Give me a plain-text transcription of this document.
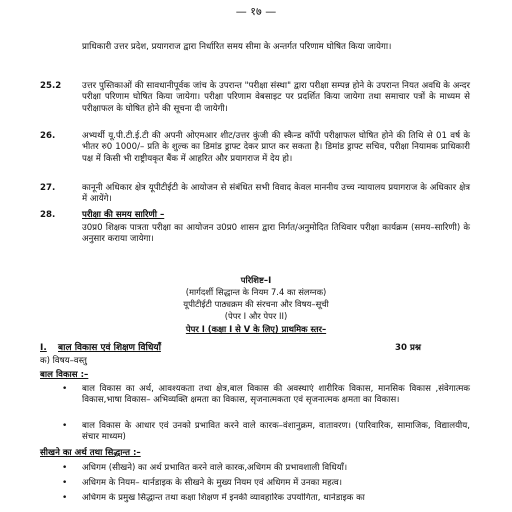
— १७ —
प्राधिकारी उत्तर प्रदेश, प्रयागराज द्वारा निर्धारित समय सीमा के अन्तर्गत परिणाम घोषित किया जायेगा।
25.2 उत्तर पुस्तिकाओं की सावधानीपूर्वक जांच के उपरान्त "परीक्षा संस्था" द्वारा परीक्षा सम्पन्न होने के उपरान्त नियत अवधि के अन्दर परीक्षा परिणाम घोषित किया जायेगा। परीक्षा परिणाम वेबसाइट पर प्रदर्शित किया जायेगा तथा समाचार पत्रों के माध्यम से परीक्षाफल के घोषित होने की सूचना दी जायेगी।
26.	अभ्यर्थी यू.पी.टी.ई.टी की अपनी ओएमआर शीट/उत्तर कुंजी की स्कैन्ड कॉपी परीक्षाफल घोषित होने की तिथि से 01 वर्ष के भीतर रु0 1000/– प्रति के शुल्क का डिमांड ड्राफ्ट देकर प्राप्त कर सकता है। डिमांड ड्राफ्ट सचिव, परीक्षा नियामक प्राधिकारी पक्ष में किसी भी राष्ट्रीयकृत बैंक में आहरित और प्रयागराज में देय हो।
27.	कानूनी अधिकार क्षेत्र यूपीटीईटी के आयोजन से संबंधित सभी विवाद केवल माननीय उच्च न्यायालय प्रयागराज के अधिकार क्षेत्र में आयेंगे।
28.	परीक्षा की समय सारिणी –
उ0प्र0 शिक्षक पात्रता परीक्षा का आयोजन उ0प्र0 शासन द्वारा निर्गत/अनुमोदित तिथिवार परीक्षा कार्यक्रम (समय–सारिणी) के अनुसार कराया जायेगा।
परिशिष्ट–I
(मार्गदर्शी सिद्धान्त के नियम 7.4 का संलग्नक)
यूपीटीईटी पाठ्यक्रम की संरचना और विषय–सूची
(पेपर I और पेपर II)
पेपर I (कक्षा I से V के लिए) प्राथमिक स्तर–
I. बाल विकास एवं शिक्षण विधियाँ	30 प्रश्न
क) विषय–वस्तु
बाल विकास :–
• बाल विकास का अर्थ, आवश्यकता तथा क्षेत्र,बाल विकास की अवस्थाएं शारीरिक विकास, मानसिक विकास ,संवेगात्मक विकास,भाषा विकास– अभिव्यक्ति क्षमता का विकास, सृजनात्मकता एवं सृजनात्मक क्षमता का विकास।
• बाल विकास के आधार एवं उनको प्रभावित करने वाले कारक–वंशानुक्रम, वातावरण। (पारिवारिक, सामाजिक, विद्यालयीय, संचार माध्यम)
सीखने का अर्थ तथा सिद्धान्त :–
• अधिगम (सीखने) का अर्थ प्रभावित करने वाले कारक,अधिगम की प्रभावशाली विधियाँ।
• अधिगम के नियम– थार्नडाइक के सीखने के मुख्य नियम एवं अधिगम में उनका महत्व।
• अधिगम के प्रमुख सिद्धान्त तथा कक्षा शिक्षण में इनकी व्यावहारिक उपयोगिता, थार्नडाइक का
